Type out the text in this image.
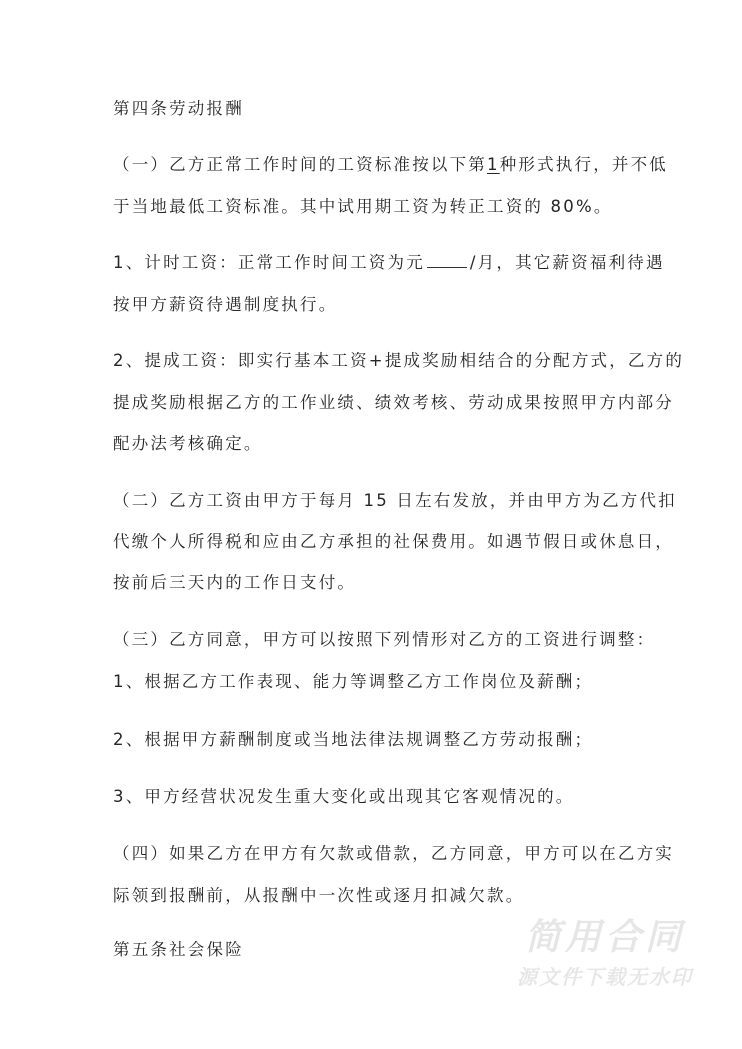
第四条劳动报酬
（一）乙方正常工作时间的工资标准按以下第1种形式执行，并不低
于当地最低工资标准。其中试用期工资为转正工资的 80%。
1、计时工资：正常工作时间工资为元	/月，其它薪资福利待遇
按甲方薪资待遇制度执行。
2、提成工资：即实行基本工资+提成奖励相结合的分配方式，乙方的
提成奖励根据乙方的工作业绩、绩效考核、劳动成果按照甲方内部分
配办法考核确定。
（二）乙方工资由甲方于每月 15 日左右发放，并由甲方为乙方代扣
代缴个人所得税和应由乙方承担的社保费用。如遇节假日或休息日，
按前后三天内的工作日支付。
（三）乙方同意，甲方可以按照下列情形对乙方的工资进行调整：
1、根据乙方工作表现、能力等调整乙方工作岗位及薪酬；
2、根据甲方薪酬制度或当地法律法规调整乙方劳动报酬；
3、甲方经营状况发生重大变化或出现其它客观情况的。
（四）如果乙方在甲方有欠款或借款，乙方同意，甲方可以在乙方实
际领到报酬前，从报酬中一次性或逐月扣减欠款。
第五条社会保险	简用合同
源文件下载无水印
